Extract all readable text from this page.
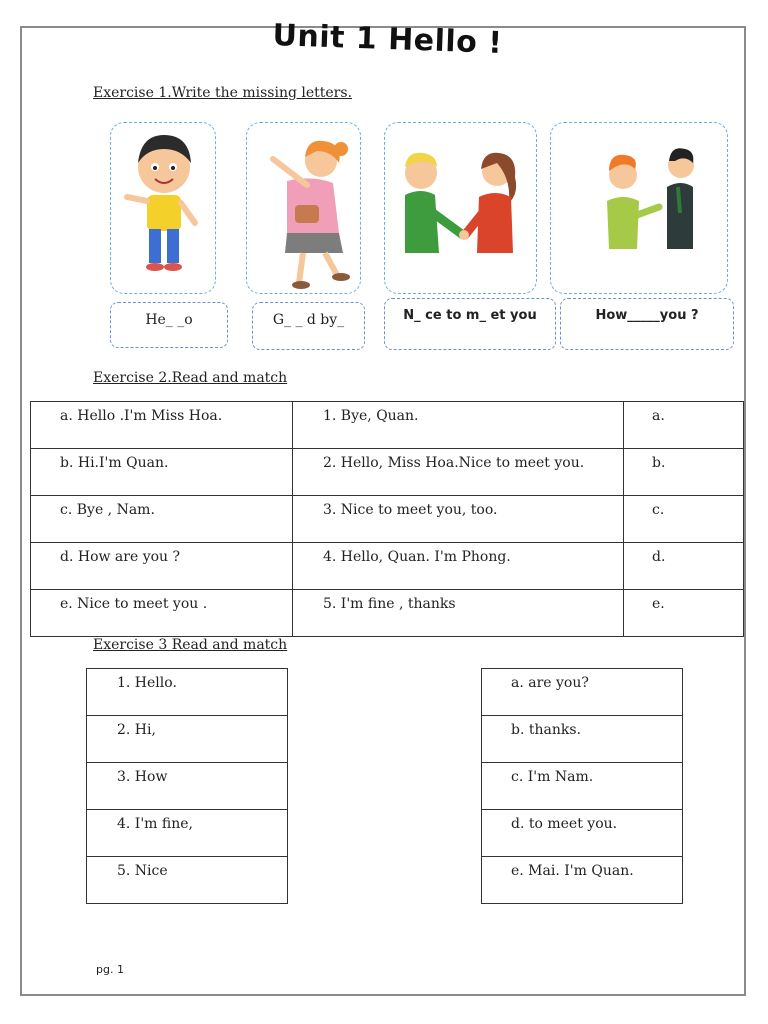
Unit 1 Hello !
Exercise 1.Write the missing letters.
He_ _o	G_ _ d by_	N_ ce to m_ et you	How_____you ?
Exercise 2.Read and match
a. Hello .I'm Miss Hoa.	1. Bye, Quan.	a.
b. Hi.I'm Quan.	2. Hello, Miss Hoa.Nice to meet you.	b.
c. Bye , Nam.	3. Nice to meet you, too.	c.
d. How are you ?	4. Hello, Quan. I'm Phong.	d.
e. Nice to meet you .	5. I'm fine , thanks	e.
Exercise 3 Read and match
1. Hello.
2. Hi,
3. How
4. I'm fine,
5. Nice
a. are you?
b. thanks.
c. I'm Nam.
d. to meet you.
e. Mai. I'm Quan.
pg. 1
